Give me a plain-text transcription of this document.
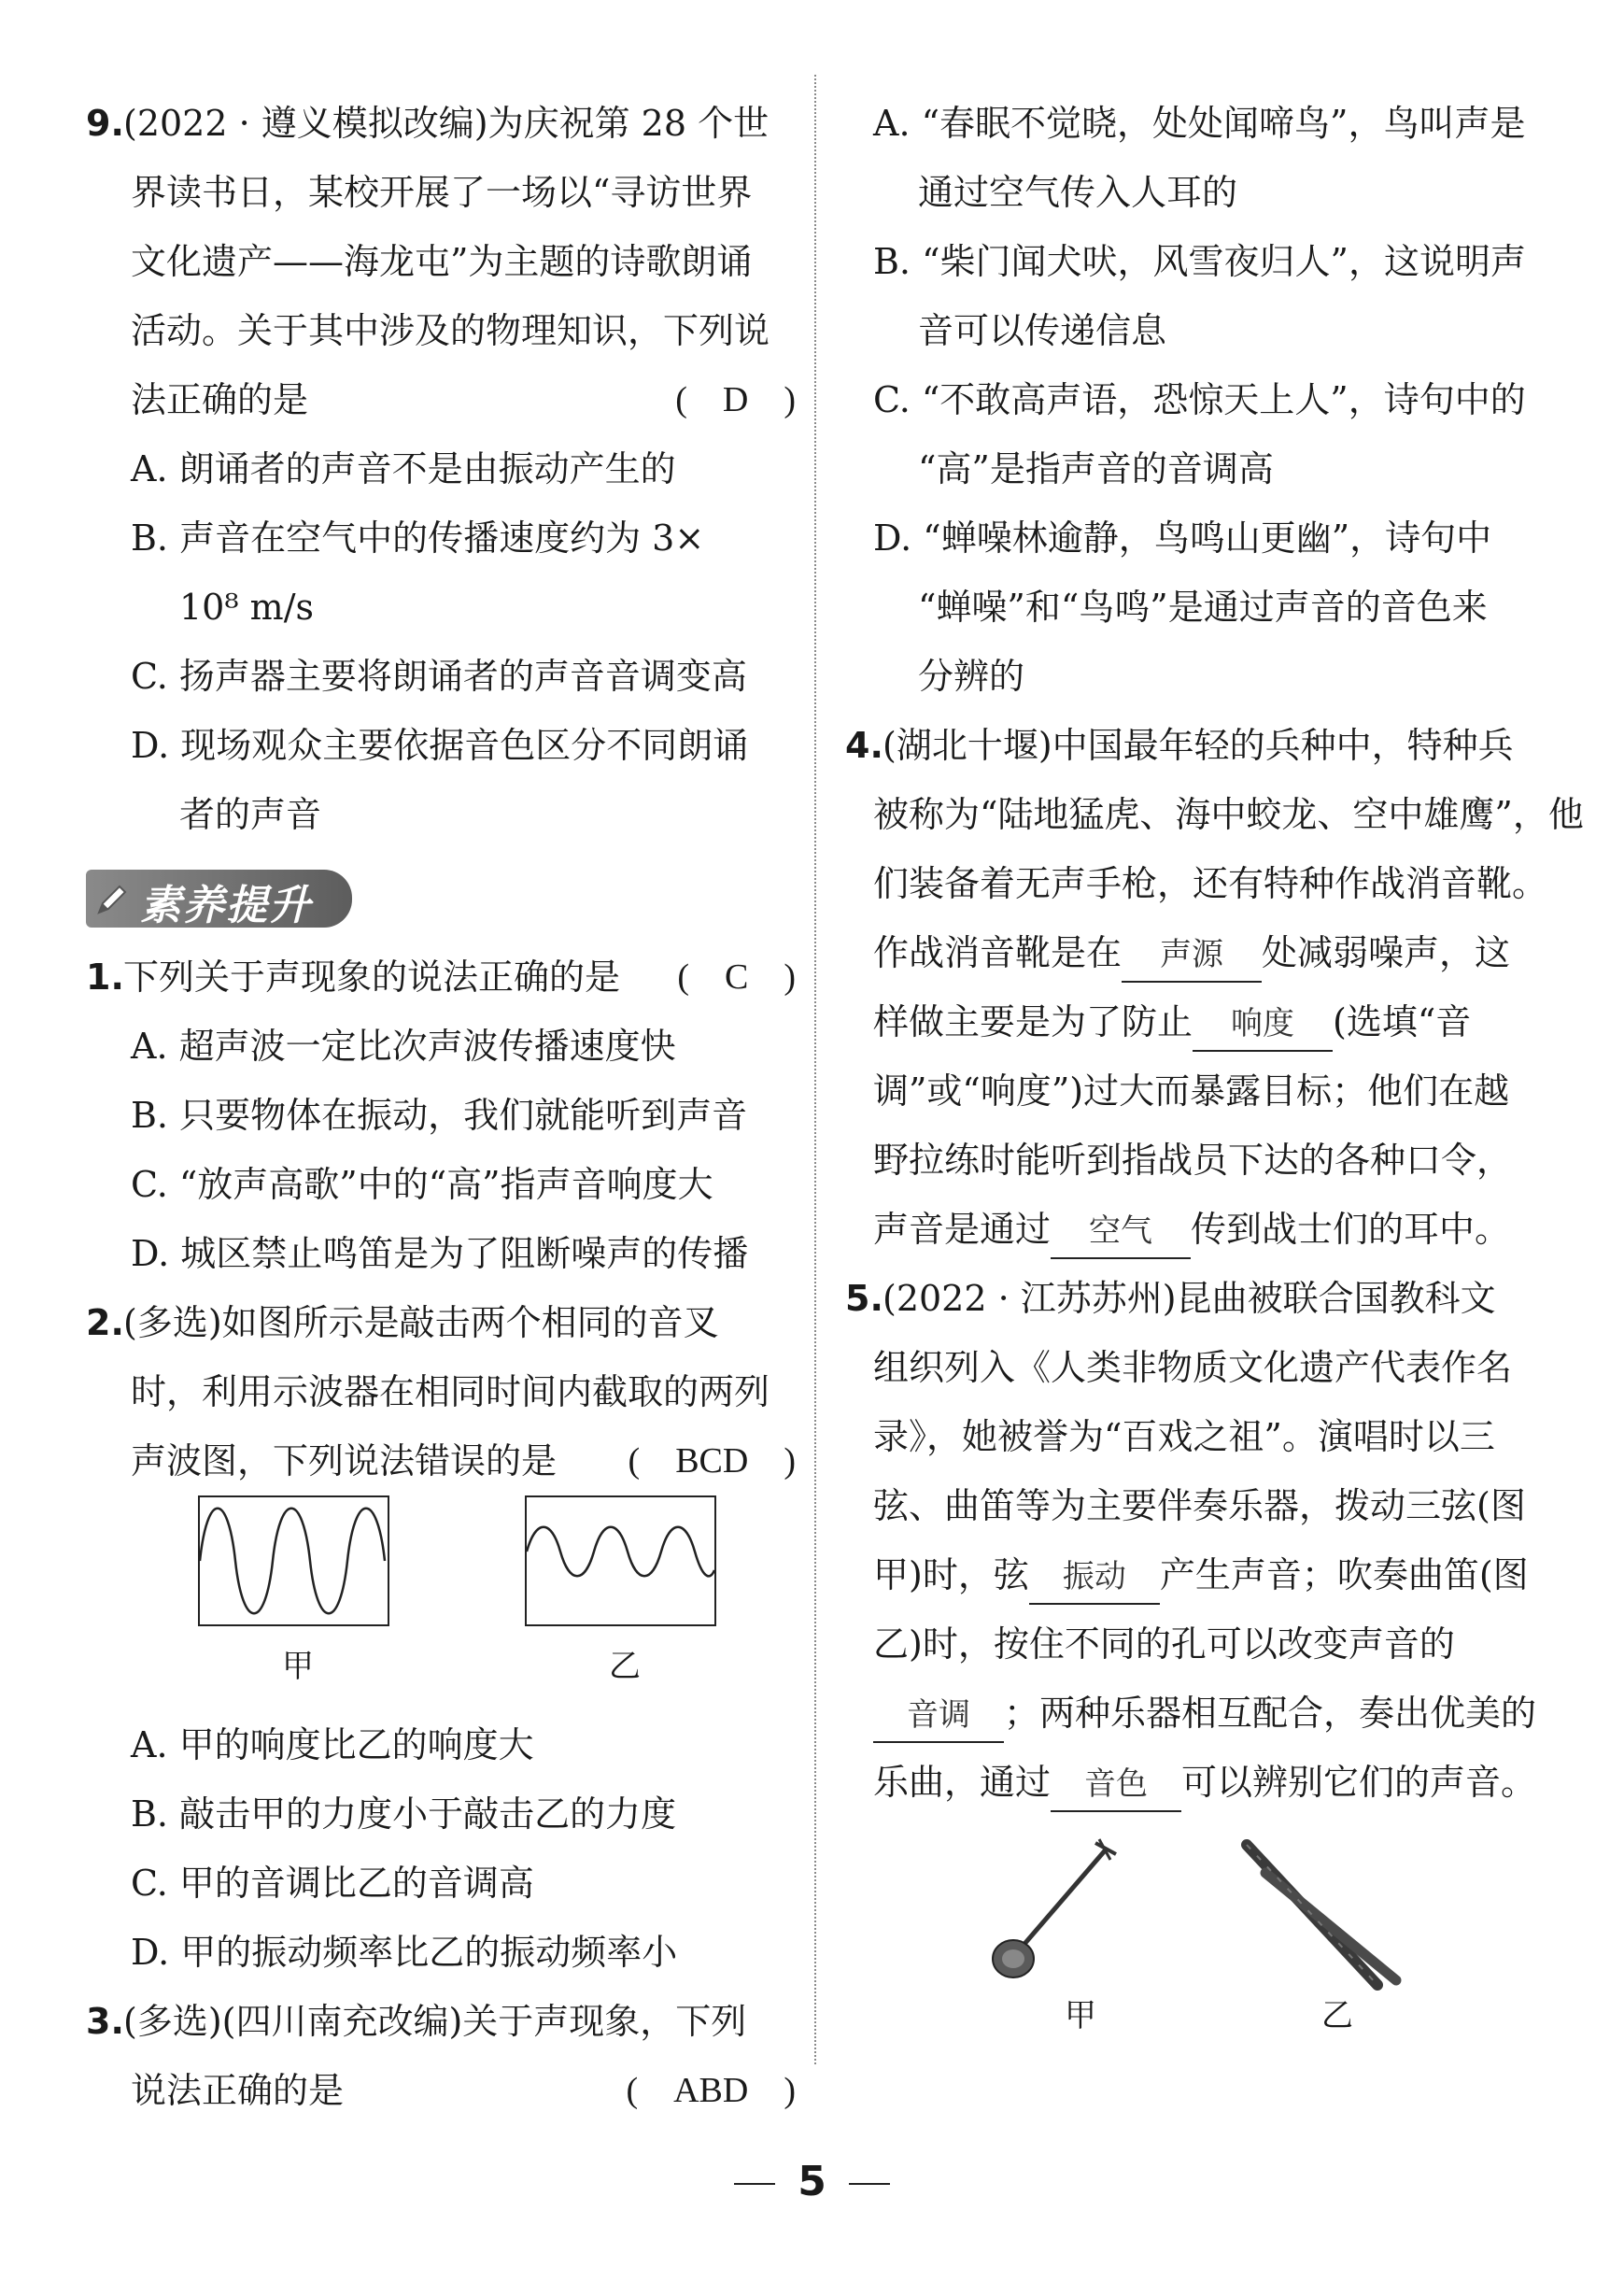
9.(2022 · 遵义模拟改编)为庆祝第 28 个世
界读书日，某校开展了一场以“寻访世界
文化遗产——海龙屯”为主题的诗歌朗诵
活动。关于其中涉及的物理知识，下列说
法正确的是	(　D　)
A. 朗诵者的声音不是由振动产生的
B. 声音在空气中的传播速度约为 3×
10⁸ m/s
C. 扬声器主要将朗诵者的声音音调变高
D. 现场观众主要依据音色区分不同朗诵
者的声音
素养提升
1.下列关于声现象的说法正确的是 (　C　)
A. 超声波一定比次声波传播速度快
B. 只要物体在振动，我们就能听到声音
C. “放声高歌”中的“高”指声音响度大
D. 城区禁止鸣笛是为了阻断噪声的传播
2.(多选)如图所示是敲击两个相同的音叉
时，利用示波器在相同时间内截取的两列
声波图，下列说法错误的是 (　BCD　)
甲	乙
A. 甲的响度比乙的响度大
B. 敲击甲的力度小于敲击乙的力度
C. 甲的音调比乙的音调高
D. 甲的振动频率比乙的振动频率小
3.(多选)(四川南充改编)关于声现象，下列
说法正确的是	(　ABD　)
A. “春眠不觉晓，处处闻啼鸟”，鸟叫声是
通过空气传入人耳的
B. “柴门闻犬吠，风雪夜归人”，这说明声
音可以传递信息
C. “不敢高声语，恐惊天上人”，诗句中的
“高”是指声音的音调高
D. “蝉噪林逾静，鸟鸣山更幽”，诗句中
“蝉噪”和“鸟鸣”是通过声音的音色来
分辨的
4.(湖北十堰)中国最年轻的兵种中，特种兵
被称为“陆地猛虎、海中蛟龙、空中雄鹰”，他
们装备着无声手枪，还有特种作战消音靴。
作战消音靴是在 声源 处减弱噪声，这
样做主要是为了防止 响度 (选填“音
调”或“响度”)过大而暴露目标；他们在越
野拉练时能听到指战员下达的各种口令，
声音是通过 空气 传到战士们的耳中。
5.(2022 · 江苏苏州)昆曲被联合国教科文
组织列入《人类非物质文化遗产代表作名
录》，她被誉为“百戏之祖”。演唱时以三
弦、曲笛等为主要伴奏乐器，拨动三弦(图
甲)时，弦 振动 产生声音；吹奏曲笛(图
乙)时，按住不同的孔可以改变声音的
音调 ；两种乐器相互配合，奏出优美的
乐曲，通过 音色 可以辨别它们的声音。
甲	乙
5
